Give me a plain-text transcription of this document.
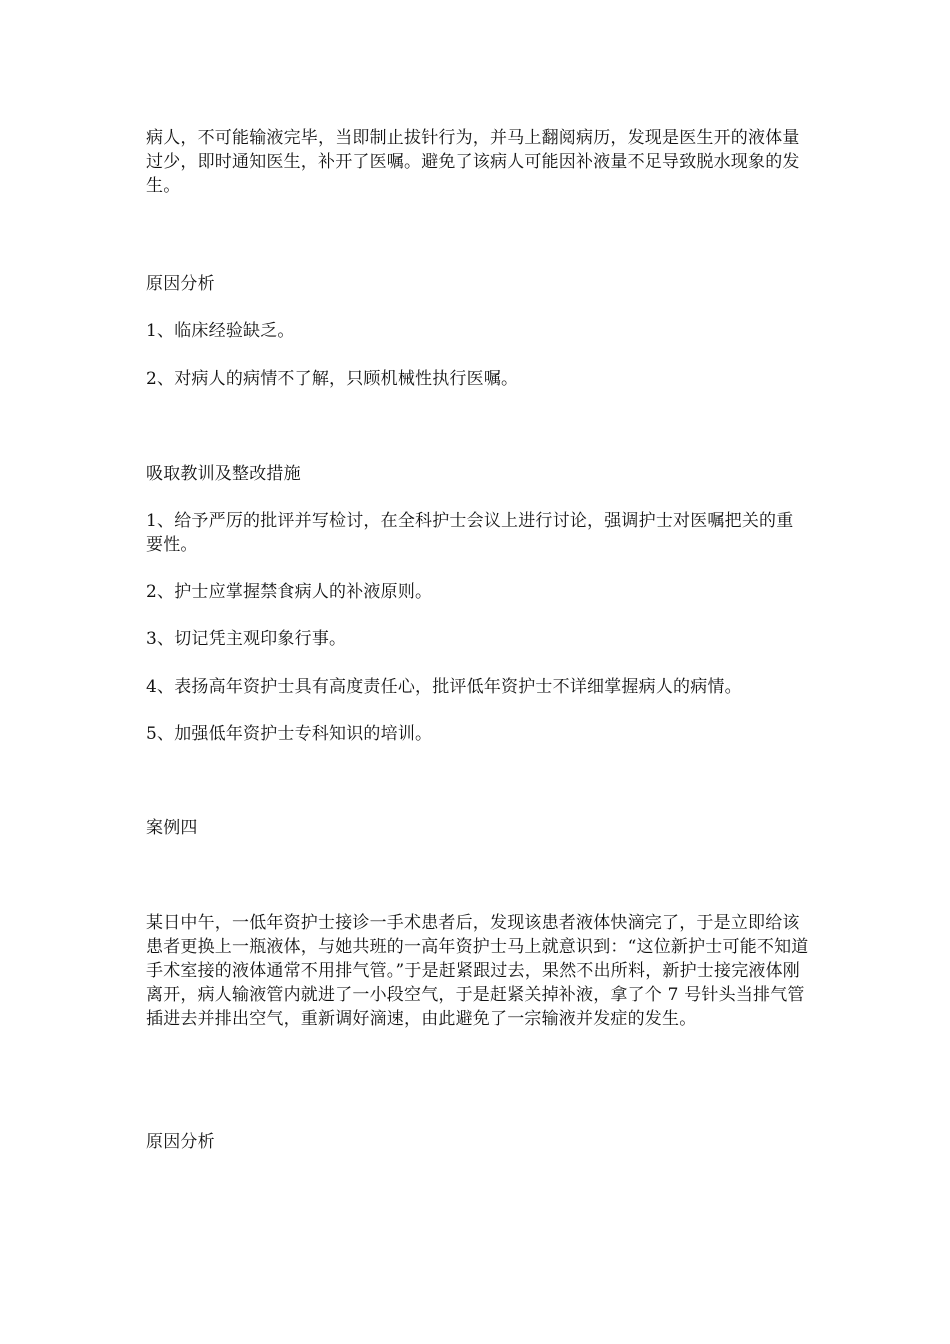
病人，不可能输液完毕，当即制止拔针行为，并马上翻阅病历，发现是医生开的液体量过少，即时通知医生，补开了医嘱。避免了该病人可能因补液量不足导致脱水现象的发生。

原因分析

1、临床经验缺乏。

2、对病人的病情不了解，只顾机械性执行医嘱。

吸取教训及整改措施

1、给予严厉的批评并写检讨，在全科护士会议上进行讨论，强调护士对医嘱把关的重要性。

2、护士应掌握禁食病人的补液原则。

3、切记凭主观印象行事。

4、表扬高年资护士具有高度责任心，批评低年资护士不详细掌握病人的病情。

5、加强低年资护士专科知识的培训。

案例四

某日中午，一低年资护士接诊一手术患者后，发现该患者液体快滴完了，于是立即给该患者更换上一瓶液体，与她共班的一高年资护士马上就意识到：“这位新护士可能不知道手术室接的液体通常不用排气管。”于是赶紧跟过去，果然不出所料，新护士接完液体刚离开，病人输液管内就进了一小段空气，于是赶紧关掉补液，拿了个 7 号针头当排气管插进去并排出空气，重新调好滴速，由此避免了一宗输液并发症的发生。

原因分析
